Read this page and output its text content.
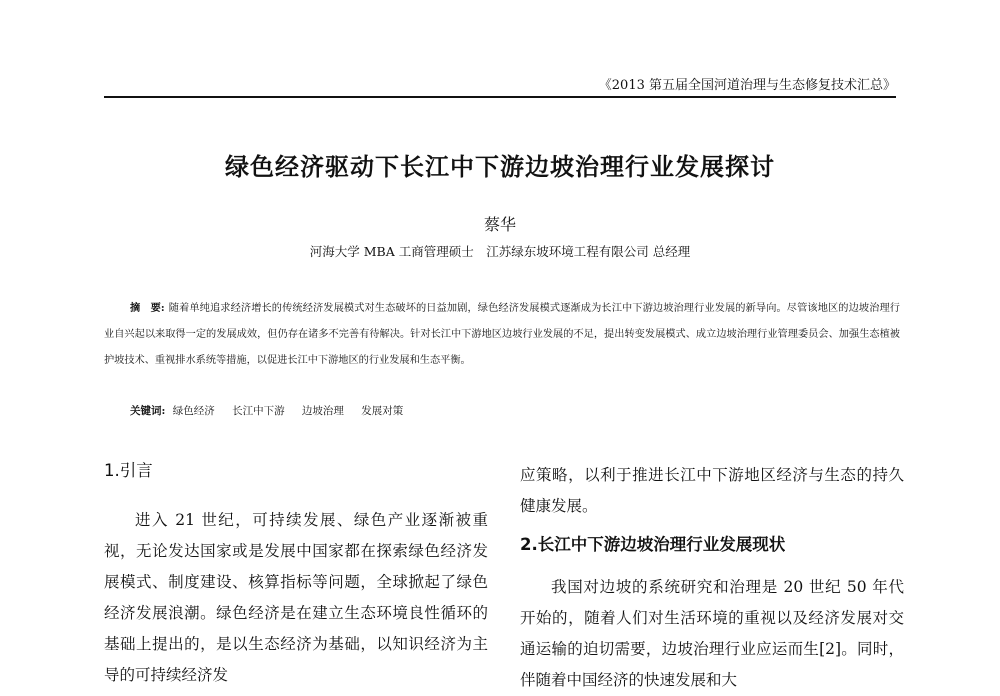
《2013 第五届全国河道治理与生态修复技术汇总》
绿色经济驱动下长江中下游边坡治理行业发展探讨
蔡华
河海大学 MBA 工商管理硕士　江苏绿东坡环境工程有限公司 总经理
摘　要: 随着单纯追求经济增长的传统经济发展模式对生态破坏的日益加剧，绿色经济发展模式逐渐成为长江中下游边坡治理行业发展的新导向。尽管该地区的边坡治理行业自兴起以来取得一定的发展成效，但仍存在诸多不完善有待解决。针对长江中下游地区边坡行业发展的不足，提出转变发展模式、成立边坡治理行业管理委员会、加强生态植被护坡技术、重视排水系统等措施，以促进长江中下游地区的行业发展和生态平衡。
关键词: 绿色经济 长江中下游 边坡治理 发展对策
1.引言
进入 21 世纪，可持续发展、绿色产业逐渐被重视，无论发达国家或是发展中国家都在探索绿色经济发展模式、制度建设、核算指标等问题，全球掀起了绿色经济发展浪潮。绿色经济是在建立生态环境良性循环的基础上提出的，是以生态经济为基础，以知识经济为主导的可持续经济发
应策略，以利于推进长江中下游地区经济与生态的持久健康发展。
2.长江中下游边坡治理行业发展现状
我国对边坡的系统研究和治理是 20 世纪 50 年代开始的，随着人们对生活环境的重视以及经济发展对交通运输的迫切需要，边坡治理行业应运而生[2]。同时，伴随着中国经济的快速发展和大
